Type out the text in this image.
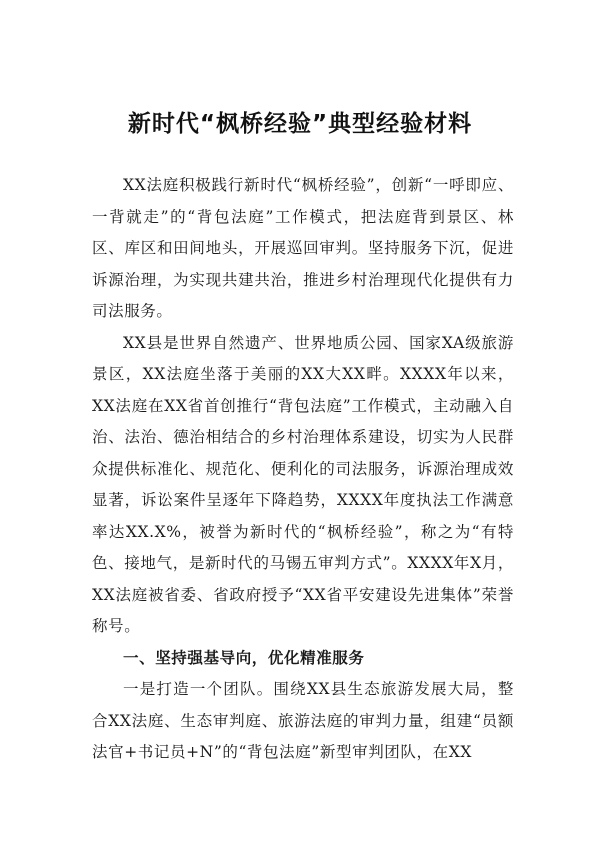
新时代“枫桥经验”典型经验材料

XX法庭积极践行新时代“枫桥经验”，创新“一呼即应、一背就走”的“背包法庭”工作模式，把法庭背到景区、林区、库区和田间地头，开展巡回审判。坚持服务下沉，促进诉源治理，为实现共建共治，推进乡村治理现代化提供有力司法服务。

XX县是世界自然遗产、世界地质公园、国家XA级旅游景区，XX法庭坐落于美丽的XX大XX畔。XXXX年以来，XX法庭在XX省首创推行“背包法庭”工作模式，主动融入自治、法治、德治相结合的乡村治理体系建设，切实为人民群众提供标准化、规范化、便利化的司法服务，诉源治理成效显著，诉讼案件呈逐年下降趋势，XXXX年度执法工作满意率达XX.X%，被誉为新时代的“枫桥经验”，称之为“有特色、接地气，是新时代的马锡五审判方式”。XXXX年X月，XX法庭被省委、省政府授予“XX省平安建设先进集体”荣誉称号。

一、坚持强基导向，优化精准服务

一是打造一个团队。围绕XX县生态旅游发展大局，整合XX法庭、生态审判庭、旅游法庭的审判力量，组建“员额法官+书记员+N”的“背包法庭”新型审判团队，在XX
